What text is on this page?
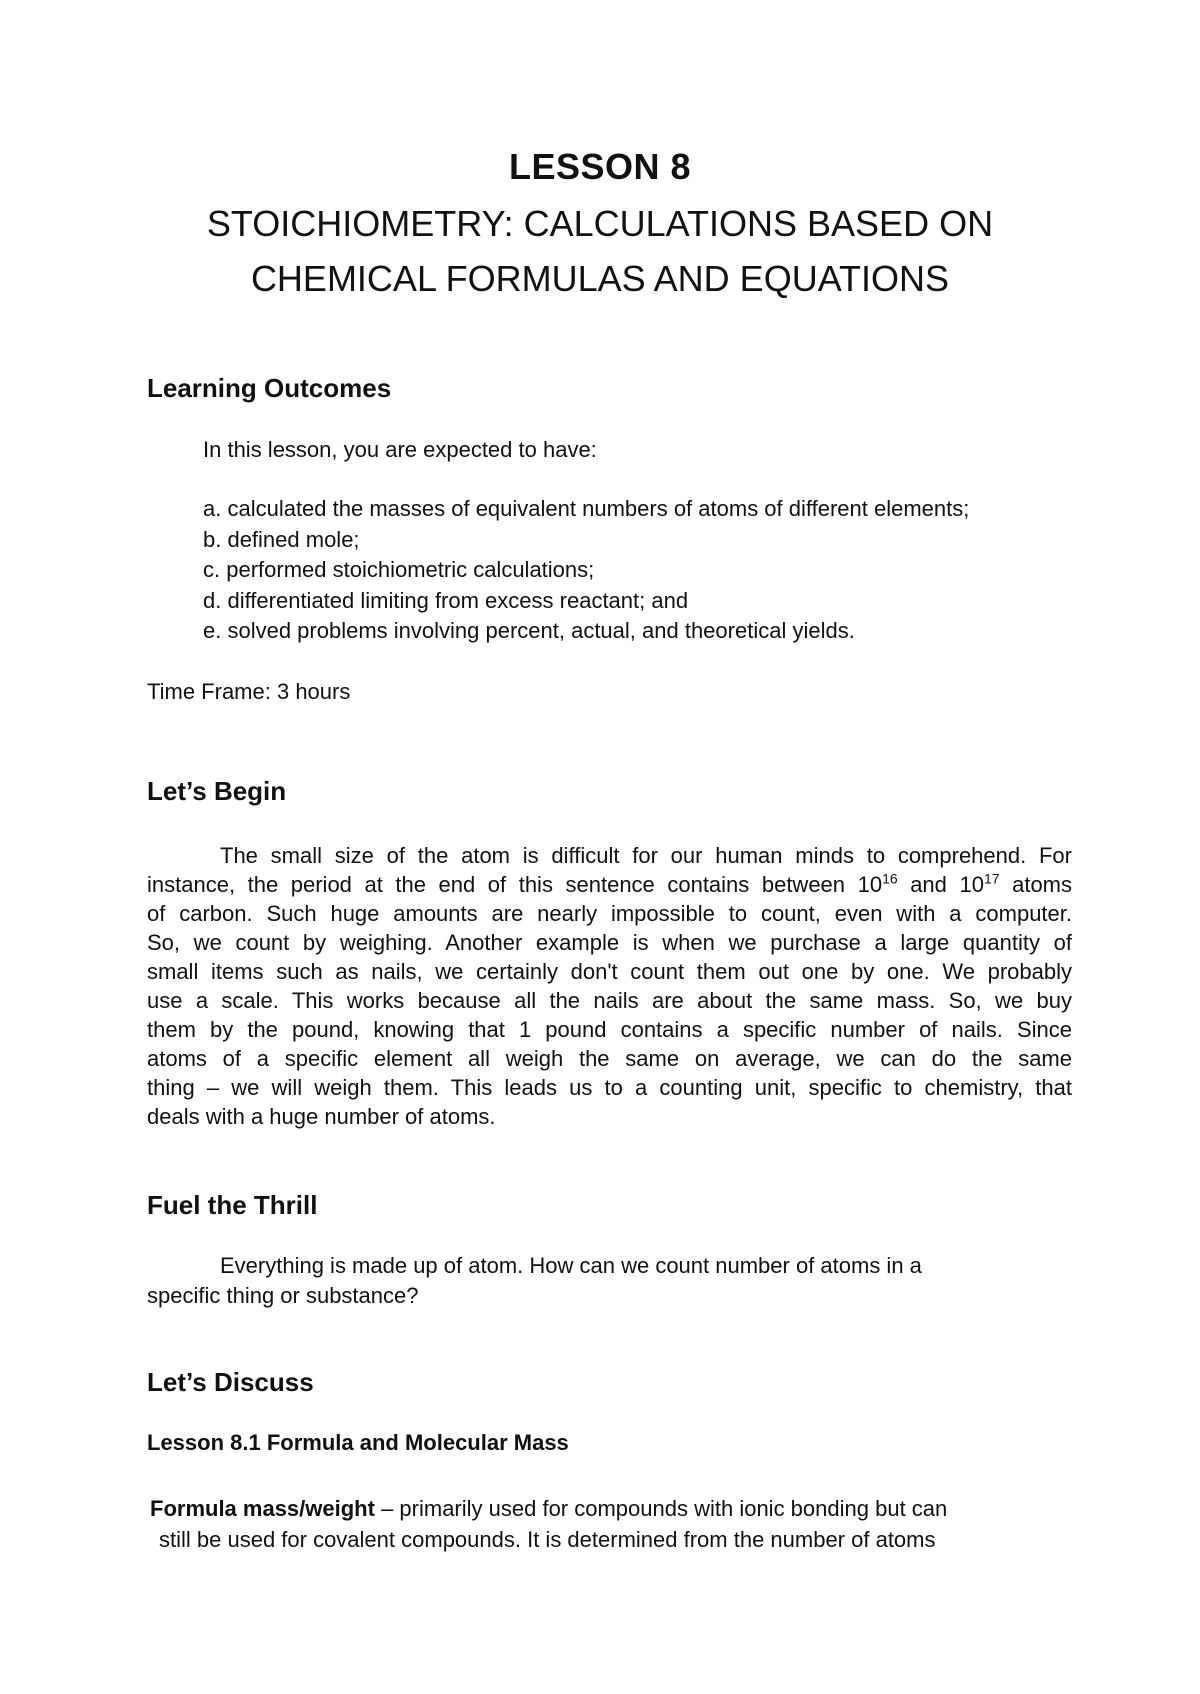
LESSON 8
STOICHIOMETRY: CALCULATIONS BASED ON
CHEMICAL FORMULAS AND EQUATIONS
Learning Outcomes
In this lesson, you are expected to have:
a. calculated the masses of equivalent numbers of atoms of different elements;
b. defined mole;
c. performed stoichiometric calculations;
d. differentiated limiting from excess reactant; and
e. solved problems involving percent, actual, and theoretical yields.
Time Frame: 3 hours
Let’s Begin
The small size of the atom is difficult for our human minds to comprehend. For
instance, the period at the end of this sentence contains between $10^{16}$ and $10^{17}$ atoms
of carbon. Such huge amounts are nearly impossible to count, even with a computer.
So, we count by weighing. Another example is when we purchase a large quantity of
small items such as nails, we certainly don't count them out one by one. We probably
use a scale. This works because all the nails are about the same mass. So, we buy
them by the pound, knowing that 1 pound contains a specific number of nails. Since
atoms of a specific element all weigh the same on average, we can do the same
thing – we will weigh them. This leads us to a counting unit, specific to chemistry, that
deals with a huge number of atoms.
Fuel the Thrill
Everything is made up of atom. How can we count number of atoms in a
specific thing or substance?
Let’s Discuss
Lesson 8.1 Formula and Molecular Mass
Formula mass/weight – primarily used for compounds with ionic bonding but can
still be used for covalent compounds. It is determined from the number of atoms
